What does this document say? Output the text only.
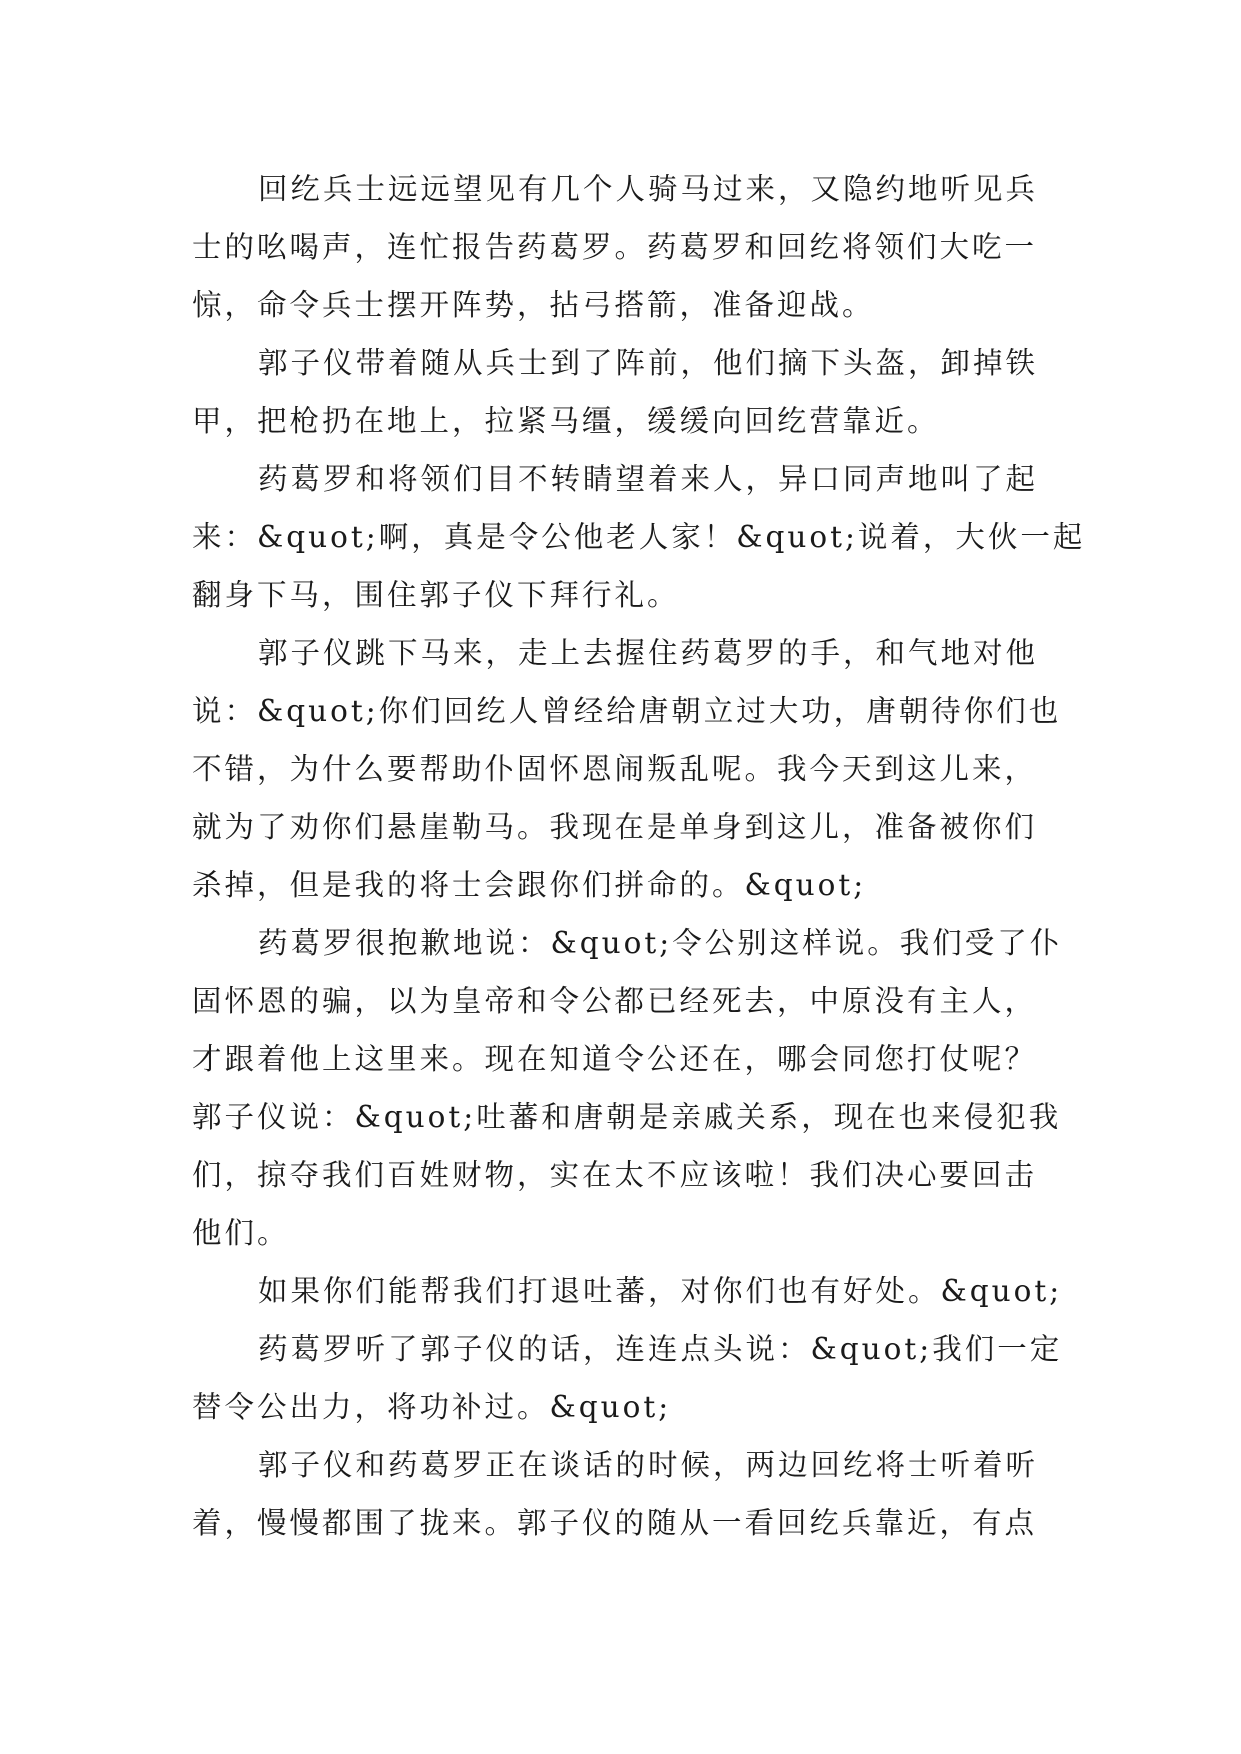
回纥兵士远远望见有几个人骑马过来，又隐约地听见兵
士的吆喝声，连忙报告药葛罗。药葛罗和回纥将领们大吃一
惊，命令兵士摆开阵势，拈弓搭箭，准备迎战。
郭子仪带着随从兵士到了阵前，他们摘下头盔，卸掉铁
甲，把枪扔在地上，拉紧马缰，缓缓向回纥营靠近。
药葛罗和将领们目不转睛望着来人，异口同声地叫了起
来：&quot;啊，真是令公他老人家！&quot;说着，大伙一起
翻身下马，围住郭子仪下拜行礼。
郭子仪跳下马来，走上去握住药葛罗的手，和气地对他
说：&quot;你们回纥人曾经给唐朝立过大功，唐朝待你们也
不错，为什么要帮助仆固怀恩闹叛乱呢。我今天到这儿来，
就为了劝你们悬崖勒马。我现在是单身到这儿，准备被你们
杀掉，但是我的将士会跟你们拼命的。&quot;
药葛罗很抱歉地说：&quot;令公别这样说。我们受了仆
固怀恩的骗，以为皇帝和令公都已经死去，中原没有主人，
才跟着他上这里来。现在知道令公还在，哪会同您打仗呢？
郭子仪说：&quot;吐蕃和唐朝是亲戚关系，现在也来侵犯我
们，掠夺我们百姓财物，实在太不应该啦！我们决心要回击
他们。
如果你们能帮我们打退吐蕃，对你们也有好处。&quot;
药葛罗听了郭子仪的话，连连点头说：&quot;我们一定
替令公出力，将功补过。&quot;
郭子仪和药葛罗正在谈话的时候，两边回纥将士听着听
着，慢慢都围了拢来。郭子仪的随从一看回纥兵靠近，有点
